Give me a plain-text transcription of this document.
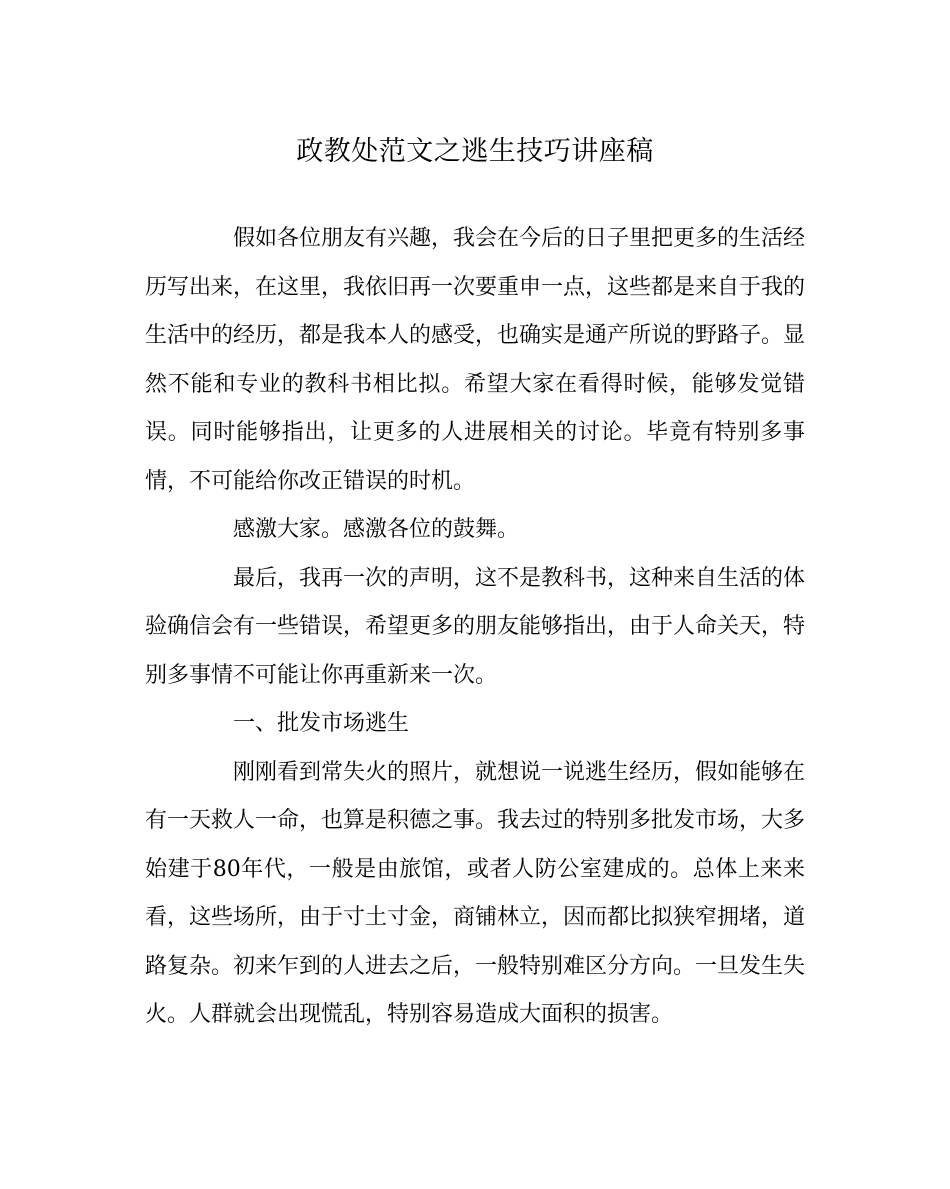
政教处范文之逃生技巧讲座稿

假如各位朋友有兴趣，我会在今后的日子里把更多的生活经历写出来，在这里，我依旧再一次要重申一点，这些都是来自于我的生活中的经历，都是我本人的感受，也确实是通产所说的野路子。显然不能和专业的教科书相比拟。希望大家在看得时候，能够发觉错误。同时能够指出，让更多的人进展相关的讨论。毕竟有特别多事情，不可能给你改正错误的时机。

感激大家。感激各位的鼓舞。

最后，我再一次的声明，这不是教科书，这种来自生活的体验确信会有一些错误，希望更多的朋友能够指出，由于人命关天，特别多事情不可能让你再重新来一次。

一、批发市场逃生

刚刚看到常失火的照片，就想说一说逃生经历，假如能够在有一天救人一命，也算是积德之事。我去过的特别多批发市场，大多始建于80年代，一般是由旅馆，或者人防公室建成的。总体上来来看，这些场所，由于寸土寸金，商铺林立，因而都比拟狭窄拥堵，道路复杂。初来乍到的人进去之后，一般特别难区分方向。一旦发生失火。人群就会出现慌乱，特别容易造成大面积的损害。
